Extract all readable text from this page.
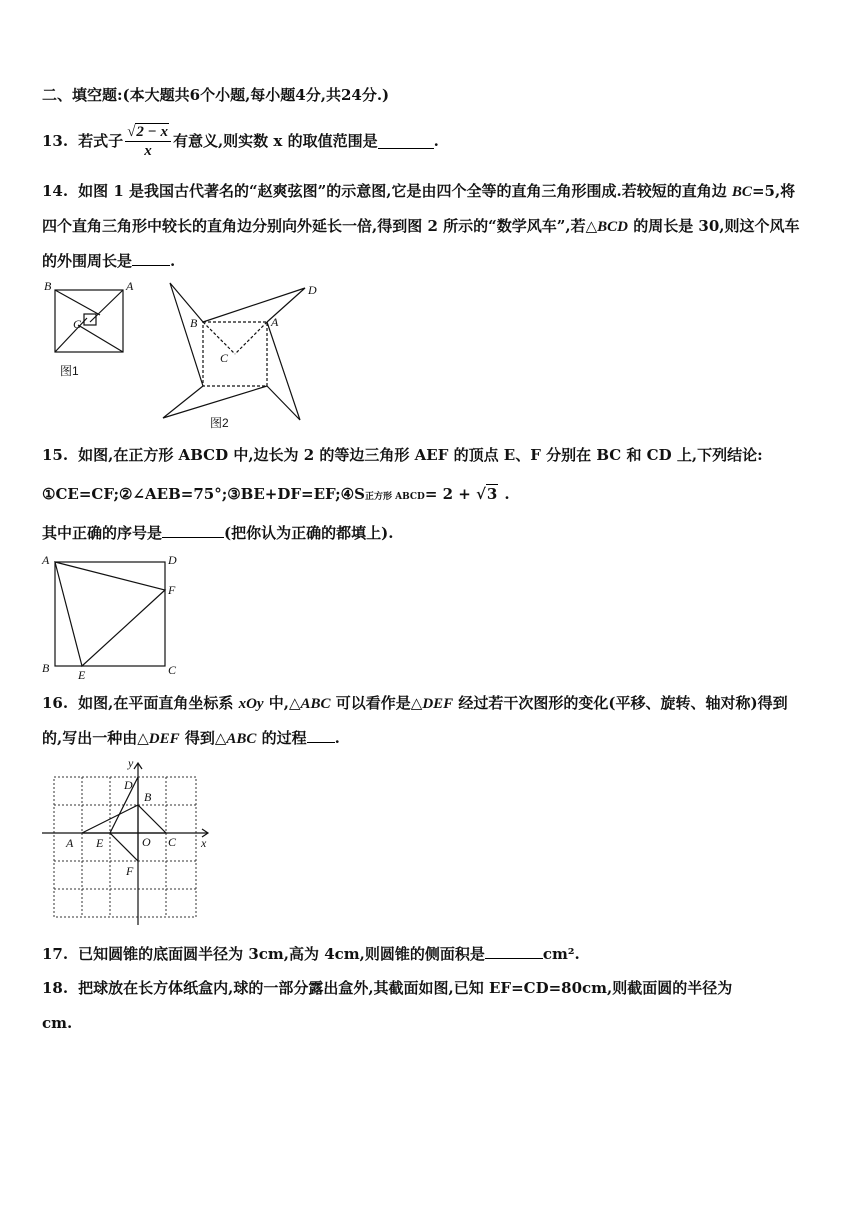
二、填空题:(本大题共6个小题,每小题4分,共24分.)
13. 若式子 $\frac{√2 - x}{x}$ 有意义,则实数 x 的取值范围是	.
14. 如图 1 是我国古代著名的“赵爽弦图”的示意图,它是由四个全等的直角三角形围成.若较短的直角边 BC=5,将
四个直角三角形中较长的直角边分别向外延长一倍,得到图 2 所示的“数学风车”,若△BCD 的周长是 30,则这个风车
的外围周长是	.
B	A
C
图1
B	A
C
D
图2
15. 如图,在正方形 ABCD 中,边长为 2 的等边三角形 AEF 的顶点 E、F 分别在 BC 和 CD 上,下列结论:
①CE=CF;②∠AEB=75°;③BE+DF=EF;④S正方形 ABCD= 2 + √3 .
其中正确的序号是	(把你认为正确的都填上).
A	D
F
B E	C
16. 如图,在平面直角坐标系 xOy 中,△ABC 可以看作是△DEF 经过若干次图形的变化(平移、旋转、轴对称)得到
的,写出一种由△DEF 得到△ABC 的过程 .
y
x
D
B
A E	O C
F
17. 已知圆锥的底面圆半径为 3cm,高为 4cm,则圆锥的侧面积是	cm².
18. 把球放在长方体纸盒内,球的一部分露出盒外,其截面如图,已知 EF=CD=80cm,则截面圆的半径为
cm.
